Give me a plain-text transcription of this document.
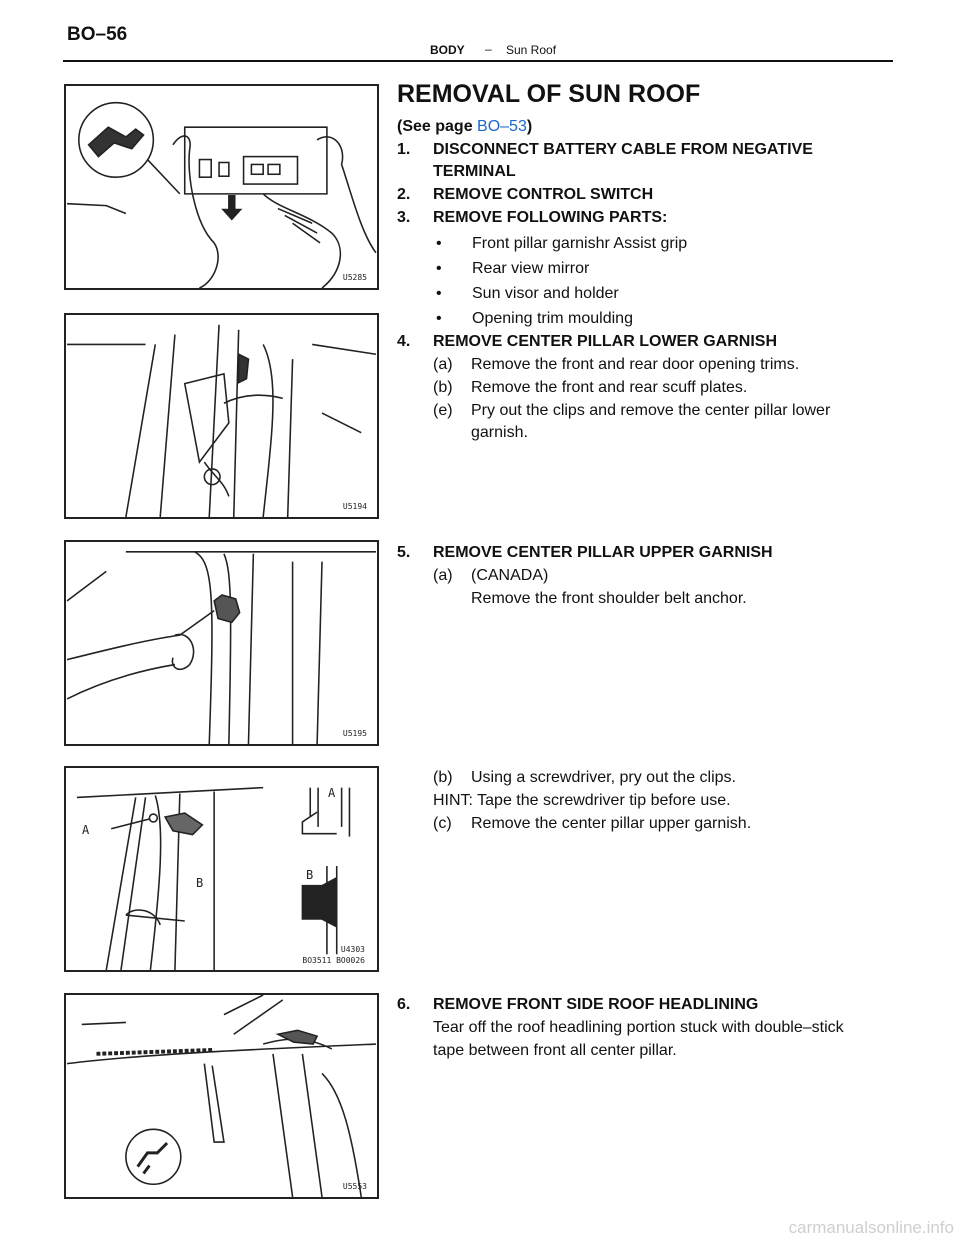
BO–56
BODY – Sun Roof
U5285
U5194
U5195
A
B
A
B
U4303
BO3511 BO0026
U5553
REMOVAL OF SUN ROOF
(See page BO–53)
1. DISCONNECT BATTERY CABLE FROM NEGATIVE
TERMINAL
2. REMOVE CONTROL SWITCH
3. REMOVE FOLLOWING PARTS:
• Front pillar garnishr Assist grip
• Rear view mirror
• Sun visor and holder
• Opening trim moulding
4. REMOVE CENTER PILLAR LOWER GARNISH
(a) Remove the front and rear door opening trims.
(b) Remove the front and rear scuff plates.
(e) Pry out the clips and remove the center pillar lower
garnish.
5. REMOVE CENTER PILLAR UPPER GARNISH
(a) (CANADA)
Remove the front shoulder belt anchor.
(b) Using a screwdriver, pry out the clips.
HINT: Tape the screwdriver tip before use.
(c) Remove the center pillar upper garnish.
6. REMOVE FRONT SIDE ROOF HEADLINING
Tear off the roof headlining portion stuck with double–stick
tape between front all center pillar.
carmanualsonline.info
